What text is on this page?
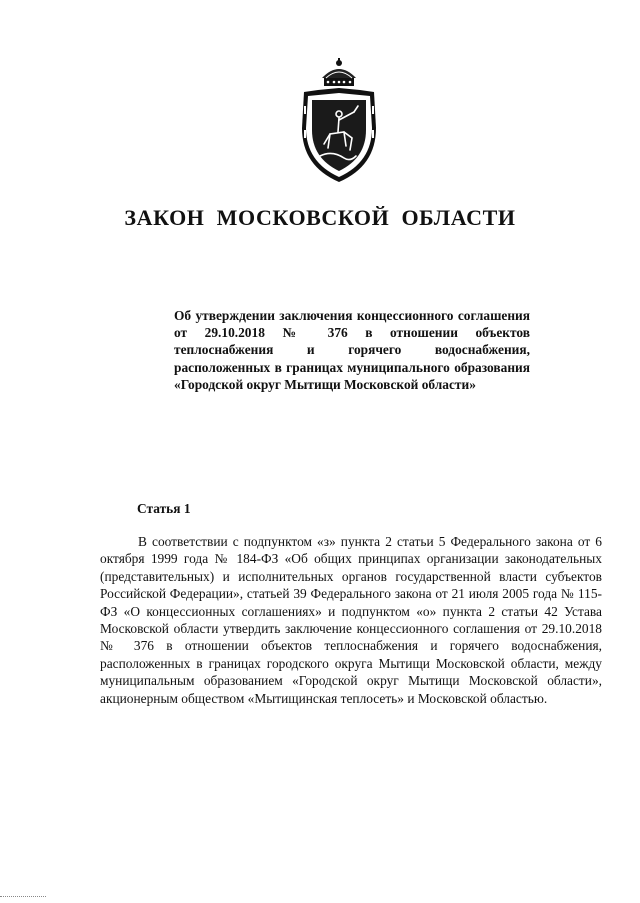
ЗАКОН МОСКОВСКОЙ ОБЛАСТИ

Об утверждении заключения концессионного соглашения от 29.10.2018 № 376 в отношении объектов теплоснабжения и горячего водоснабжения, расположенных в границах муниципального образования «Городской округ Мытищи Московской области»

Статья 1

В соответствии с подпунктом «з» пункта 2 статьи 5 Федерального закона от 6 октября 1999 года № 184-ФЗ «Об общих принципах организации законодательных (представительных) и исполнительных органов государственной власти субъектов Российской Федерации», статьей 39 Федерального закона от 21 июля 2005 года № 115-ФЗ «О концессионных соглашениях» и подпунктом «о» пункта 2 статьи 42 Устава Московской области утвердить заключение концессионного соглашения от 29.10.2018 № 376 в отношении объектов теплоснабжения и горячего водоснабжения, расположенных в границах городского округа Мытищи Московской области, между муниципальным образованием «Городской округ Мытищи Московской области», акционерным обществом «Мытищинская теплосеть» и Московской областью.
